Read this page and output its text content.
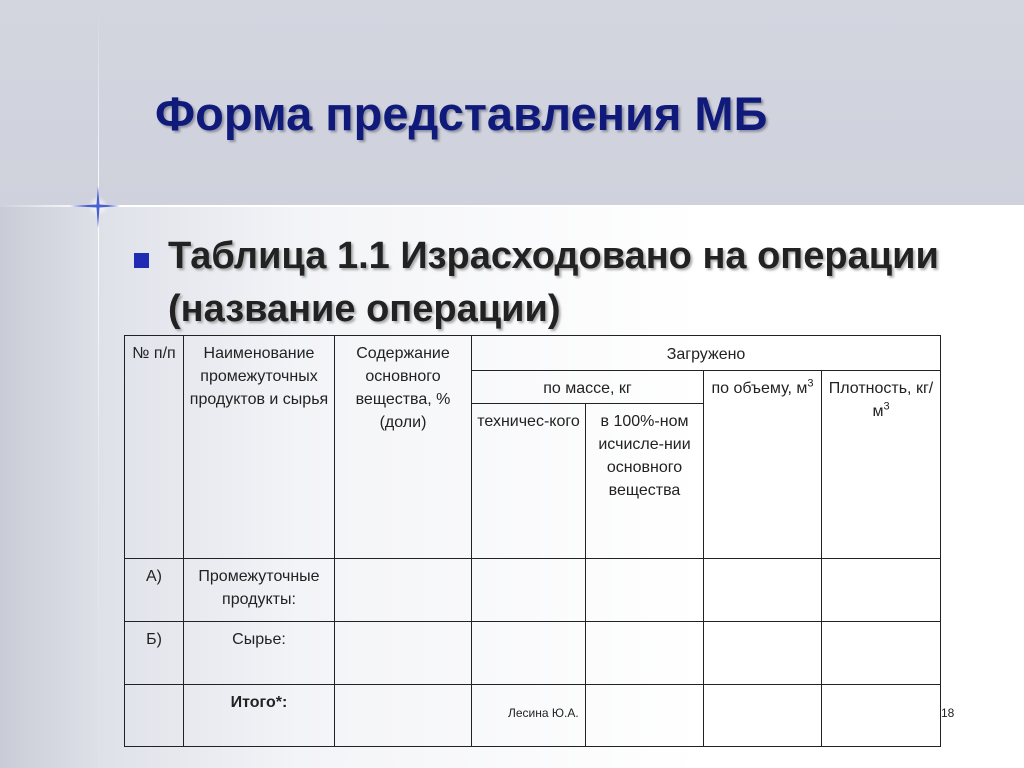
Форма представления МБ

Таблица 1.1 Израсходовано на операции (название операции)

№ п/п	Наименование промежуточных продуктов и сырья	Содержание основного вещества, % (доли)	Загружено			
			по массе, кг		по объему, $м^3$	Плотность, $кг/м^3$
			техничес-кого	в 100%-ном исчисле-нии основного вещества		
А)	Промежуточные продукты:					
Б)	Сырье:					
	Итого*:					
Лесина Ю.А.	18
